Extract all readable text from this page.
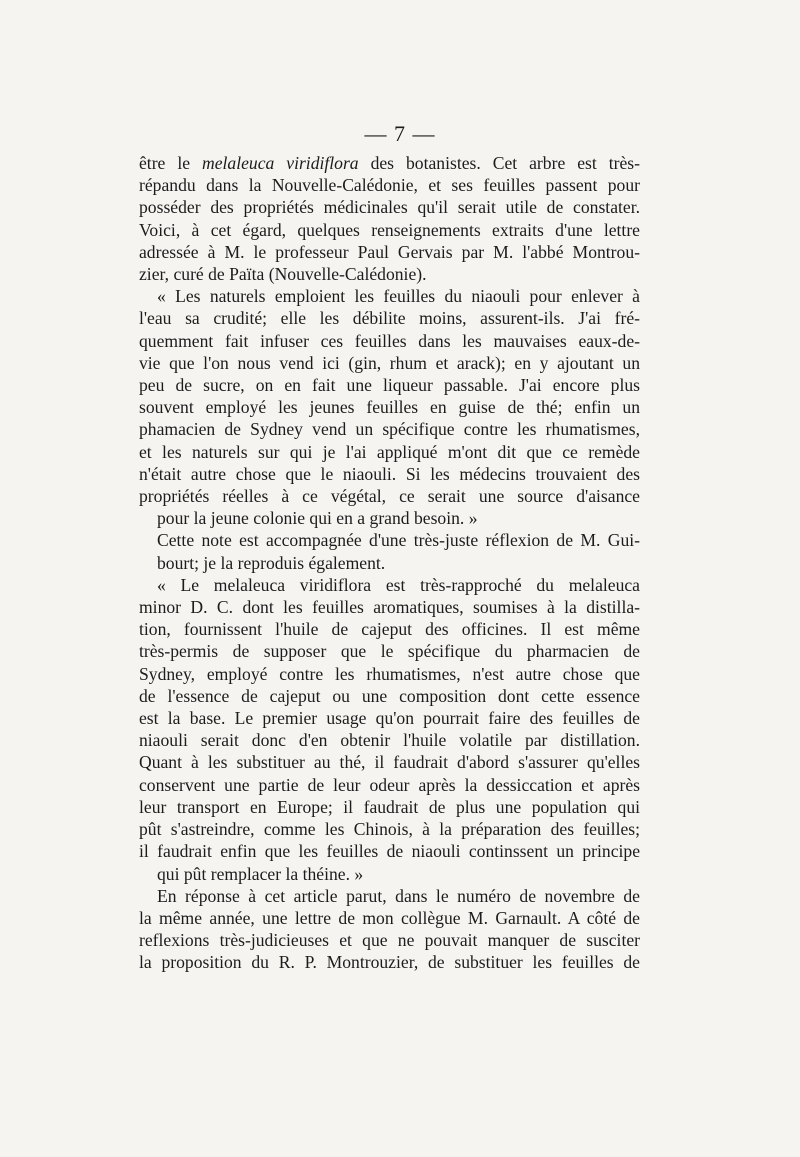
— 7 —

être le melaleuca viridiflora des botanistes. Cet arbre est très-
répandu dans la Nouvelle-Calédonie, et ses feuilles passent pour
posséder des propriétés médicinales qu'il serait utile de constater.
Voici, à cet égard, quelques renseignements extraits d'une lettre
adressée à M. le professeur Paul Gervais par M. l'abbé Montrou-

zier, curé de Païta (Nouvelle-Calédonie).

« Les naturels emploient les feuilles du niaouli pour enlever à
l'eau sa crudité; elle les débilite moins, assurent-ils. J'ai fré-
quemment fait infuser ces feuilles dans les mauvaises eaux-de-
vie que l'on nous vend ici (gin, rhum et arack); en y ajoutant un
peu de sucre, on en fait une liqueur passable. J'ai encore plus
souvent employé les jeunes feuilles en guise de thé; enfin un
phamacien de Sydney vend un spécifique contre les rhumatismes,
et les naturels sur qui je l'ai appliqué m'ont dit que ce remède
n'était autre chose que le niaouli. Si les médecins trouvaient des
propriétés réelles à ce végétal, ce serait une source d'aisance

pour la jeune colonie qui en a grand besoin. »

Cette note est accompagnée d'une très-juste réflexion de M. Gui-

bourt; je la reproduis également.

« Le melaleuca viridiflora est très-rapproché du melaleuca
minor D. C. dont les feuilles aromatiques, soumises à la distilla-
tion, fournissent l'huile de cajeput des officines. Il est même
très-permis de supposer que le spécifique du pharmacien de
Sydney, employé contre les rhumatismes, n'est autre chose que
de l'essence de cajeput ou une composition dont cette essence
est la base. Le premier usage qu'on pourrait faire des feuilles de
niaouli serait donc d'en obtenir l'huile volatile par distillation.
Quant à les substituer au thé, il faudrait d'abord s'assurer qu'elles
conservent une partie de leur odeur après la dessiccation et après
leur transport en Europe; il faudrait de plus une population qui
pût s'astreindre, comme les Chinois, à la préparation des feuilles;
il faudrait enfin que les feuilles de niaouli continssent un principe

qui pût remplacer la théine. »

En réponse à cet article parut, dans le numéro de novembre de
la même année, une lettre de mon collègue M. Garnault. A côté de
reflexions très-judicieuses et que ne pouvait manquer de susciter
la proposition du R. P. Montrouzier, de substituer les feuilles de
